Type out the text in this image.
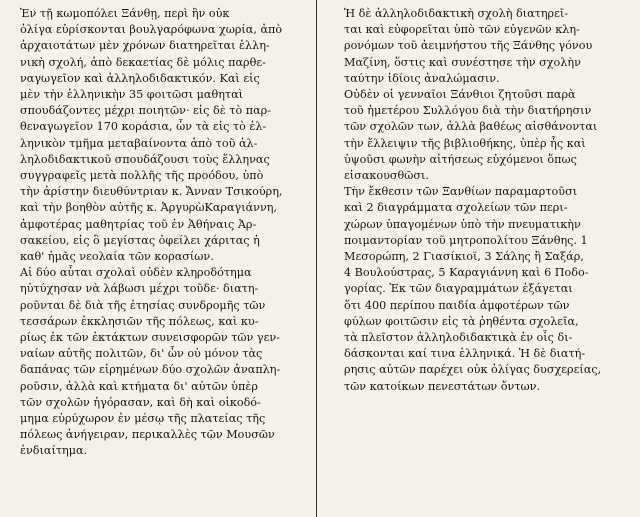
Ἐν τῇ κωμοπόλει Ξάνθῃ, περὶ ἣν οὐκ
ὀλίγα εὑρίσκονται βουλγαρόφωνα χωρία, ἀπὸ
ἀρχαιοτάτων μὲν χρόνων διατηρεῖται ἑλλη-
νικὴ σχολή, ἀπὸ δεκαετίας δὲ μόλις παρθε-
ναγωγεῖον καὶ ἀλληλοδιδακτικόν. Καὶ εἰς
μὲν τὴν ἑλληνικὴν 35 φοιτῶσι μαθηταὶ
σπουδάζοντες μέχρι ποιητῶν· εἰς δὲ τὸ παρ-
θεναγωγεῖον 170 κοράσια, ὧν τὰ εἰς τὸ ἑλ-
ληνικὸν τμῆμα μεταβαίνοντα ἀπὸ τοῦ ἀλ-
ληλοδιδακτικοῦ σπουδάζουσι τοὺς ἕλληνας
συγγραφεῖς μετὰ πολλῆς τῆς προόδου, ὑπὸ
τὴν ἀρίστην διευθύντριαν κ. Ἄνναν Τσικούρη,
καὶ τὴν βοηθὸν αὐτῆς κ. ἈργυρὼΚαραγιάννη,
ἀμφοτέρας μαθητρίας τοῦ ἐν Ἀθήναις Ἀρ-
σακείου, εἰς ὃ μεγίστας ὀφείλει χάριτας ἡ
καθ' ἡμᾶς νεολαία τῶν κορασίων.

Αἱ δύο αὗται σχολαὶ οὐδὲν κληροδότημα
ηὐτύχησαν νὰ λάβωσι μέχρι τοῦδε· διατη-
ροῦνται δὲ διὰ τῆς ἐτησίας συνδρομῆς τῶν
τεσσάρων ἐκκλησιῶν τῆς πόλεως, καὶ κυ-
ρίως ἐκ τῶν ἐκτάκτων συνεισφορῶν τῶν γεν-
ναίων αὐτῆς πολιτῶν, δι' ὧν οὐ μόνον τὰς
δαπάνας τῶν εἰρημένων δύο σχολῶν ἀναπλη-
ροῦσιν, ἀλλὰ καὶ κτήματα δι' αὐτῶν ὑπὲρ
τῶν σχολῶν ἠγόρασαν, καὶ δὴ καὶ οἰκοδό-
μημα εὐρύχωρον ἐν μέσῳ τῆς πλατείας τῆς
πόλεως ἀνήγειραν, περικαλλὲς τῶν Μουσῶν
ἐνδιαίτημα.

Ἡ δὲ ἀλληλοδιδακτικὴ σχολὴ διατηρεῖ-
ται καὶ εὐφορεῖται ὑπὸ τῶν εὐγενῶν κλη-
ρονόμων τοῦ ἀειμνήστου τῆς Ξάνθης γόνου
Μαζίνη, ὅστις καὶ συνέστησε τὴν σχολὴν
ταύτην ἰδίοις ἀναλώμασιν.

Οὐδὲν οἱ γενναῖοι Ξάνθιοι ζητοῦσι παρὰ
τοῦ ἡμετέρου Συλλόγου διὰ τὴν διατήρησιν
τῶν σχολῶν των, ἀλλὰ βαθέως αἰσθάνονται
τὴν ἔλλειψιν τῆς βιβλιοθήκης, ὑπὲρ ἧς καὶ
ὑψοῦσι φωνὴν αἰτήσεως εὐχόμενοι ὅπως
εἰσακουσθῶσι.

Τὴν ἔκθεσιν τῶν Ξανθίων παραμαρτοῦσι
καὶ 2 διαγράμματα σχολείων τῶν περι-
χώρων ὑπαγομένων ὑπὸ τὴν πνευματικὴν
ποιμαντορίαν τοῦ μητροπολίτου Ξάνθης. 1
Μεσορώπη, 2 Γιασίκιοϊ, 3 Σάλης ἢ Σαξάρ,
4 Βουλούστρας, 5 Καραγιάννη καὶ 6 Ποδο-
γορίας. Ἐκ τῶν διαγραμμάτων ἐξάγεται
ὅτι 400 περίπου παιδία ἀμφοτέρων τῶν
φύλων φοιτῶσιν εἰς τὰ ῥηθέντα σχολεῖα,
τὰ πλεῖστον ἀλληλοδιδακτικὰ ἐν οἷς δι-
δάσκονται καί τινα ἑλληνικά. Ἡ δὲ διατή-
ρησις αὐτῶν παρέχει οὐκ ὀλίγας δυσχερείας,
τῶν κατοίκων πενεστάτων ὄντων.
